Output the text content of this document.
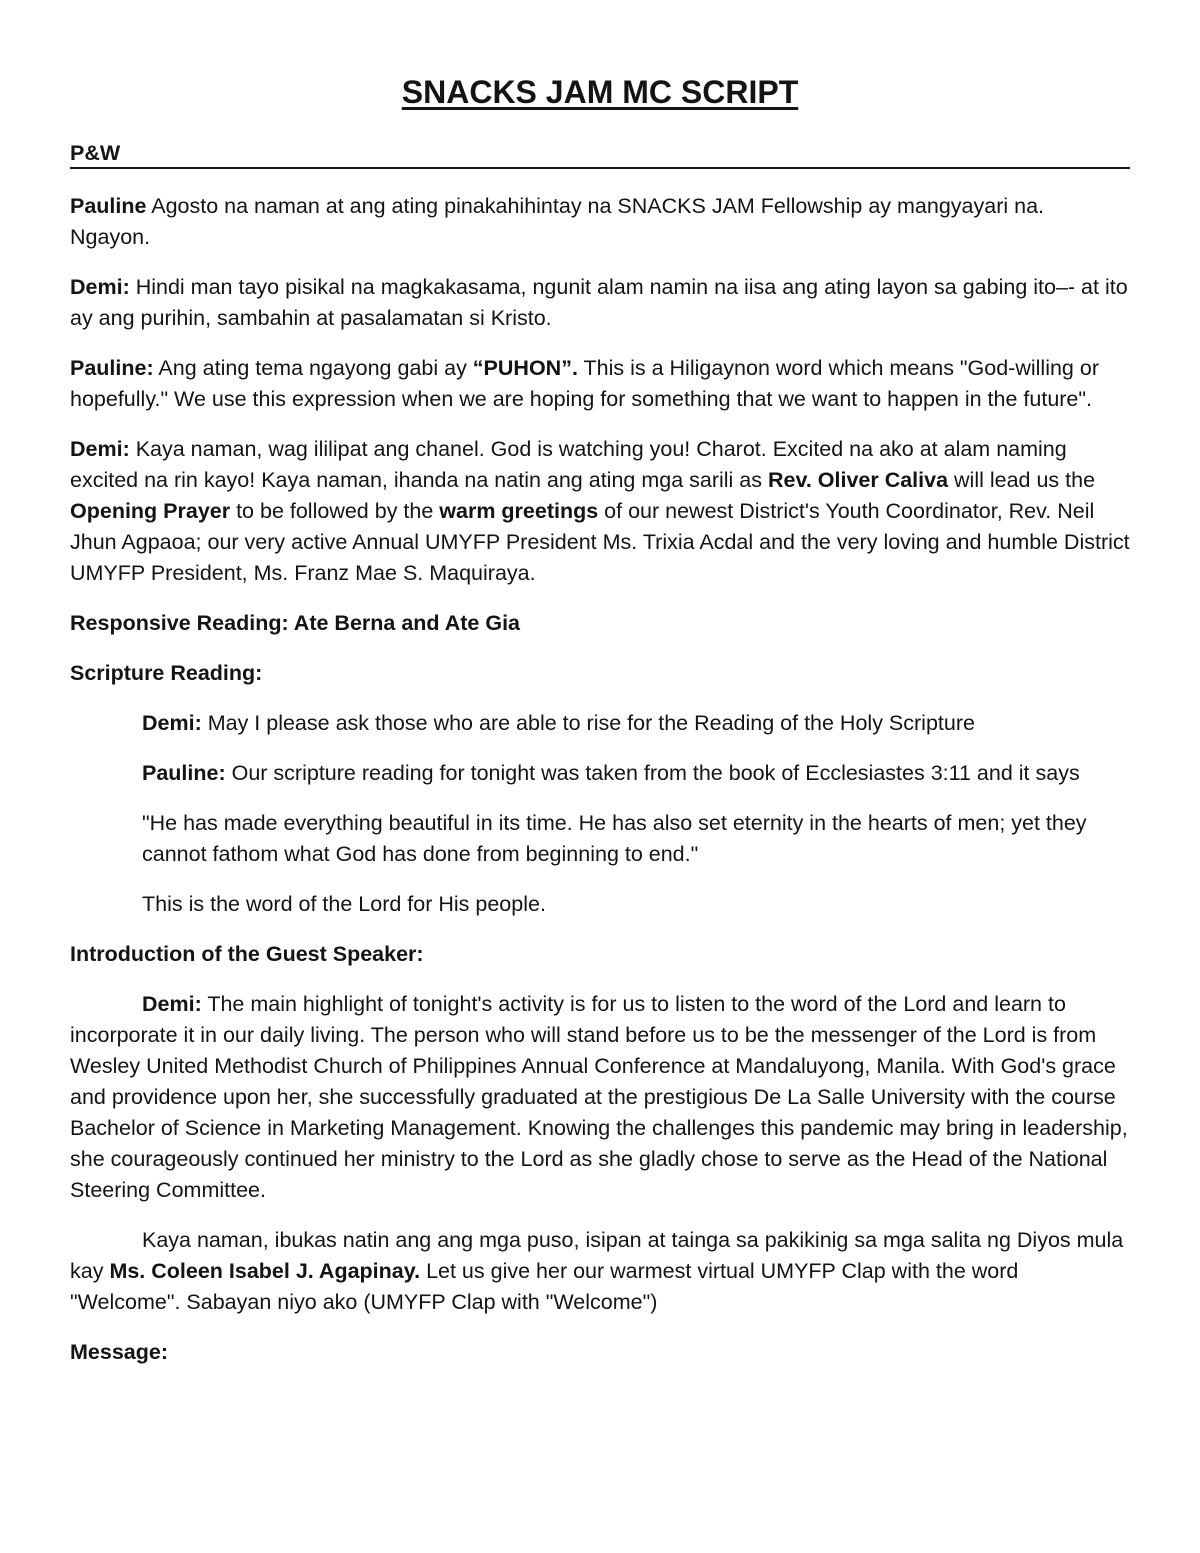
SNACKS JAM MC SCRIPT
P&W

Pauline Agosto na naman at ang ating pinakahihintay na SNACKS JAM Fellowship ay mangyayari na. Ngayon.

Demi: Hindi man tayo pisikal na magkakasama, ngunit alam namin na iisa ang ating layon sa gabing ito–- at ito ay ang purihin, sambahin at pasalamatan si Kristo.

Pauline: Ang ating tema ngayong gabi ay “PUHON”. This is a Hiligaynon word which means "God-willing or hopefully." We use this expression when we are hoping for something that we want to happen in the future".

Demi: Kaya naman, wag ililipat ang chanel. God is watching you! Charot. Excited na ako at alam naming excited na rin kayo! Kaya naman, ihanda na natin ang ating mga sarili as Rev. Oliver Caliva will lead us the Opening Prayer to be followed by the warm greetings of our newest District's Youth Coordinator, Rev. Neil Jhun Agpaoa; our very active Annual UMYFP President Ms. Trixia Acdal and the very loving and humble District UMYFP President, Ms. Franz Mae S. Maquiraya.

Responsive Reading: Ate Berna and Ate Gia

Scripture Reading:

Demi: May I please ask those who are able to rise for the Reading of the Holy Scripture

Pauline: Our scripture reading for tonight was taken from the book of Ecclesiastes 3:11 and it says

"He has made everything beautiful in its time. He has also set eternity in the hearts of men; yet they cannot fathom what God has done from beginning to end."

This is the word of the Lord for His people.

Introduction of the Guest Speaker:

Demi: The main highlight of tonight's activity is for us to listen to the word of the Lord and learn to incorporate it in our daily living. The person who will stand before us to be the messenger of the Lord is from Wesley United Methodist Church of Philippines Annual Conference at Mandaluyong, Manila. With God's grace and providence upon her, she successfully graduated at the prestigious De La Salle University with the course Bachelor of Science in Marketing Management. Knowing the challenges this pandemic may bring in leadership, she courageously continued her ministry to the Lord as she gladly chose to serve as the Head of the National Steering Committee.

Kaya naman, ibukas natin ang ang mga puso, isipan at tainga sa pakikinig sa mga salita ng Diyos mula kay Ms. Coleen Isabel J. Agapinay. Let us give her our warmest virtual UMYFP Clap with the word "Welcome". Sabayan niyo ako (UMYFP Clap with "Welcome")

Message:
